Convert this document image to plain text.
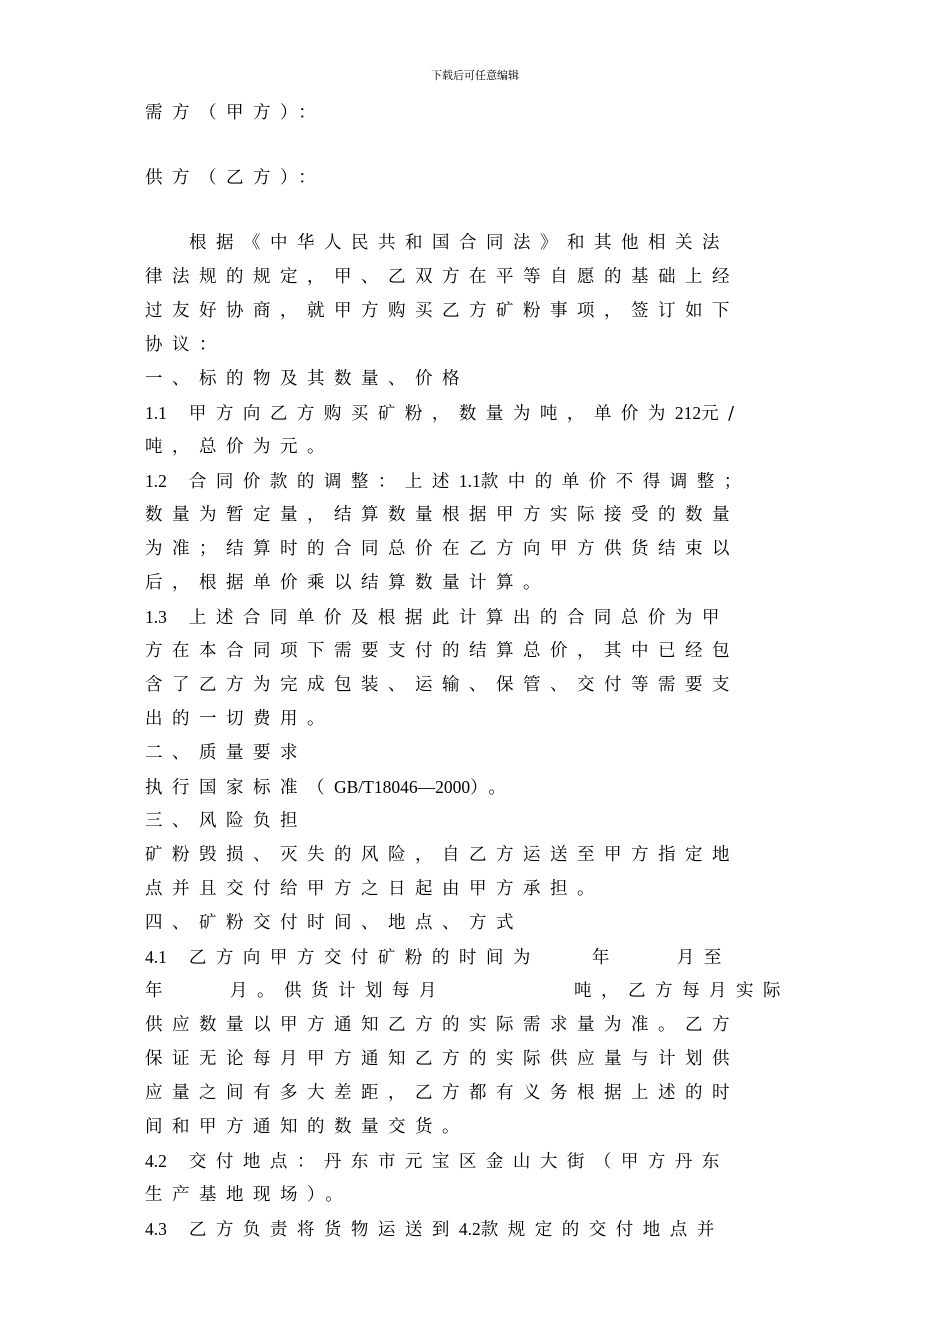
下载后可任意编辑
需方（甲方）：
供方（乙方）：
根据《中华人民共和国合同法》和其他相关法
律法规的规定，甲、乙双方在平等自愿的基础上经
过友好协商，就甲方购买乙方矿粉事项，签订如下
协议：
一、标的物及其数量、价格
1.1 甲方向乙方购买矿粉，数量为吨，单价为212元/
吨，总价为元。
1.2 合同价款的调整：上述1.1款中的单价不得调整；
数量为暂定量，结算数量根据甲方实际接受的数量
为准；结算时的合同总价在乙方向甲方供货结束以
后，根据单价乘以结算数量计算。
1.3 上述合同单价及根据此计算出的合同总价为甲
方在本合同项下需要支付的结算总价，其中已经包
含了乙方为完成包装、运输、保管、交付等需要支
出的一切费用。
二、质量要求
执行国家标准（GB/T18046—2000）。
三、风险负担
矿粉毁损、灭失的风险，自乙方运送至甲方指定地
点并且交付给甲方之日起由甲方承担。
四、矿粉交付时间、地点、方式
4.1 乙方向甲方交付矿粉的时间为	年	月至
年	月。供货计划每月	吨，乙方每月实际
供应数量以甲方通知乙方的实际需求量为准。乙方
保证无论每月甲方通知乙方的实际供应量与计划供
应量之间有多大差距，乙方都有义务根据上述的时
间和甲方通知的数量交货。
4.2 交付地点：丹东市元宝区金山大街（甲方丹东
生产基地现场）。
4.3 乙方负责将货物运送到4.2款规定的交付地点并
